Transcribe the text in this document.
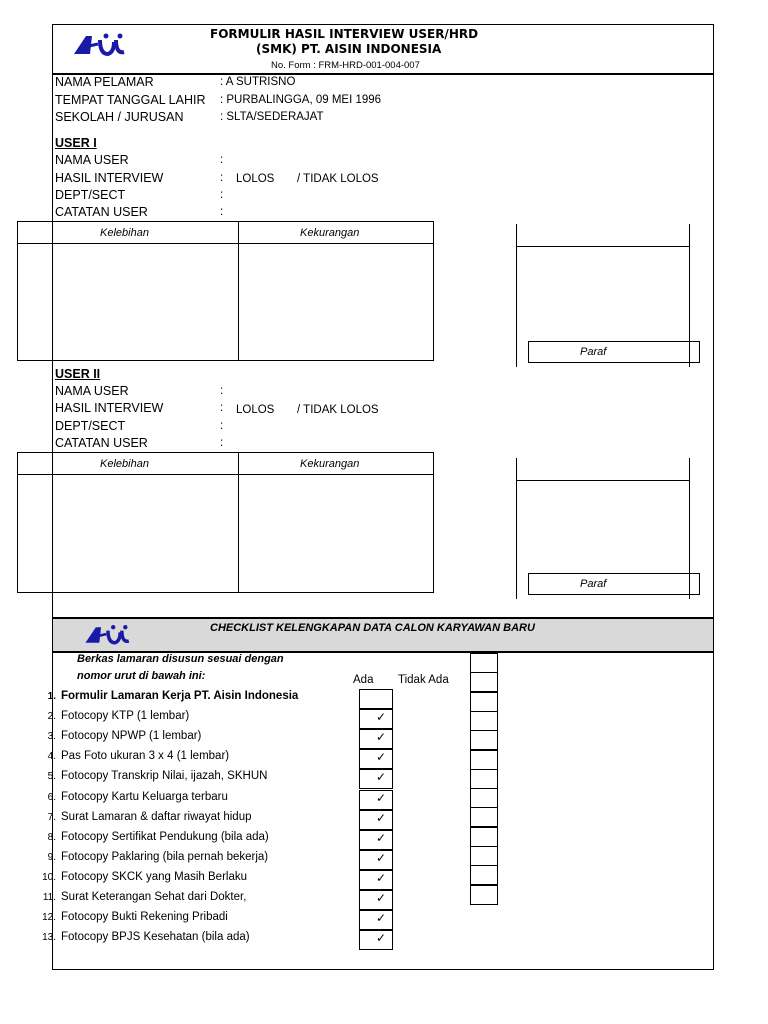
FORMULIR HASIL INTERVIEW USER/HRD
(SMK) PT. AISIN INDONESIA
No. Form : FRM-HRD-001-004-007
NAMA PELAMAR	: A SUTRISNO
TEMPAT TANGGAL LAHIR : PURBALINGGA, 09 MEI 1996
SEKOLAH / JURUSAN	: SLTA/SEDERAJAT
USER I
NAMA USER	:
HASIL INTERVIEW	: LOLOS / TIDAK LOLOS
DEPT/SECT	:
CATATAN USER	:
Kelebihan	Kekurangan
Paraf
USER II
NAMA USER	:
HASIL INTERVIEW	: LOLOS / TIDAK LOLOS
DEPT/SECT	:
CATATAN USER	:
Kelebihan	Kekurangan
Paraf
CHECKLIST KELENGKAPAN DATA CALON KARYAWAN BARU
Berkas lamaran disusun sesuai dengan
nomor urut di bawah ini:	Ada Tidak Ada
1. Formulir Lamaran Kerja PT. Aisin Indonesia
2. Fotocopy KTP (1 lembar)	✓
3. Fotocopy NPWP (1 lembar)	✓
4. Pas Foto ukuran 3 x 4 (1 lembar)	✓
5. Fotocopy Transkrip Nilai, ijazah, SKHUN	✓
6. Fotocopy Kartu Keluarga terbaru	✓
7. Surat Lamaran & daftar riwayat hidup	✓
8. Fotocopy Sertifikat Pendukung (bila ada)	✓
9. Fotocopy Paklaring (bila pernah bekerja)	✓
10. Fotocopy SKCK yang Masih Berlaku	✓
11. Surat Keterangan Sehat dari Dokter,	✓
12. Fotocopy Bukti Rekening Pribadi	✓
13. Fotocopy BPJS Kesehatan (bila ada)	✓
